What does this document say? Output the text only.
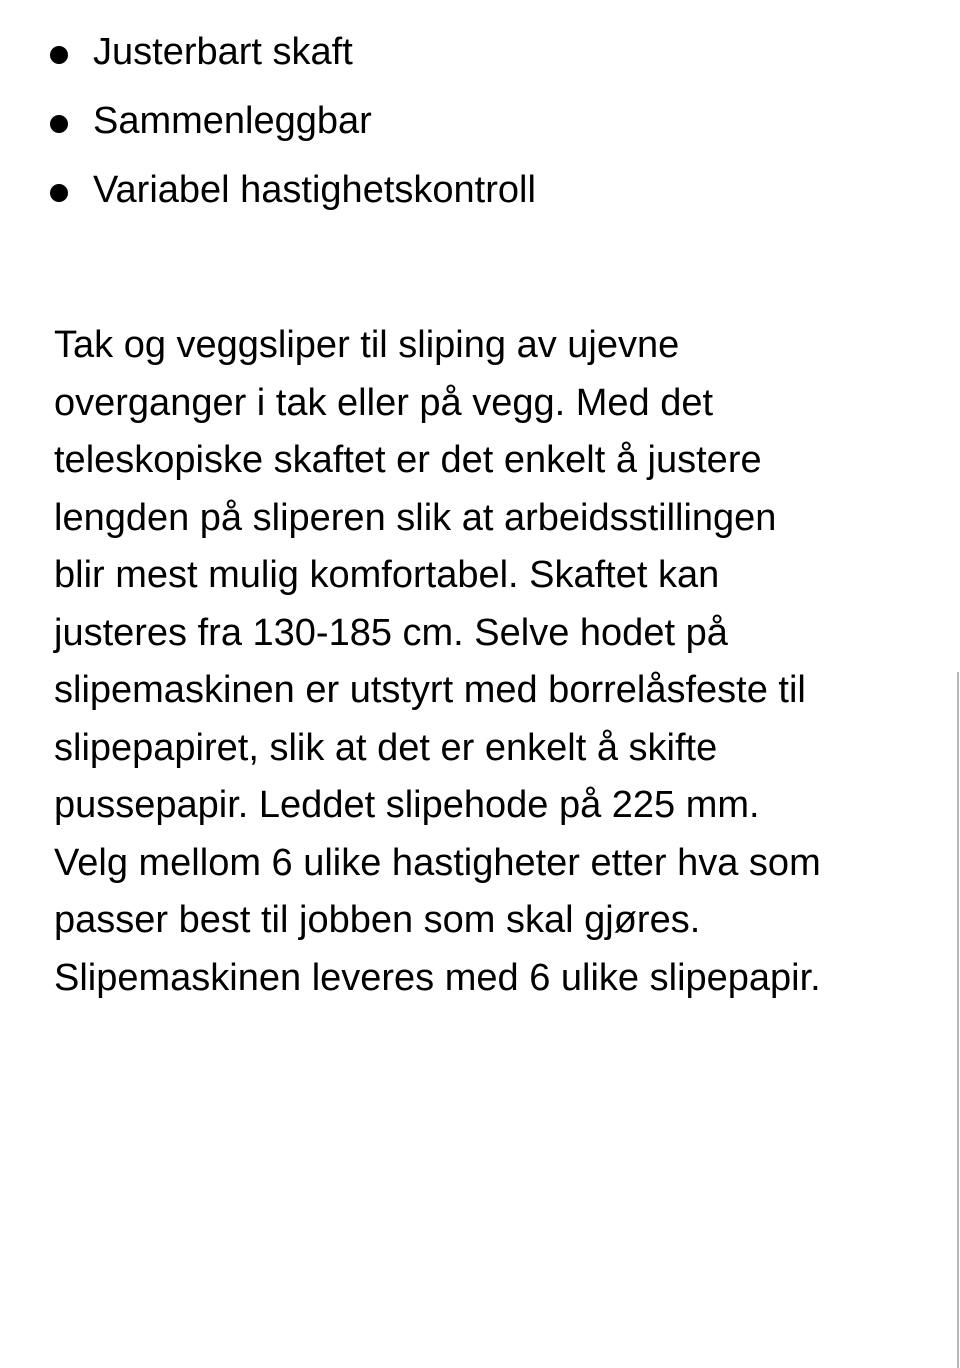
Justerbart skaft
Sammenleggbar
Variabel hastighetskontroll

Tak og veggsliper til sliping av ujevne
overganger i tak eller på vegg. Med det
teleskopiske skaftet er det enkelt å justere
lengden på sliperen slik at arbeidsstillingen
blir mest mulig komfortabel. Skaftet kan
justeres fra 130-185 cm. Selve hodet på
slipemaskinen er utstyrt med borrelåsfeste til
slipepapiret, slik at det er enkelt å skifte
pussepapir. Leddet slipehode på 225 mm.
Velg mellom 6 ulike hastigheter etter hva som
passer best til jobben som skal gjøres.
Slipemaskinen leveres med 6 ulike slipepapir.
